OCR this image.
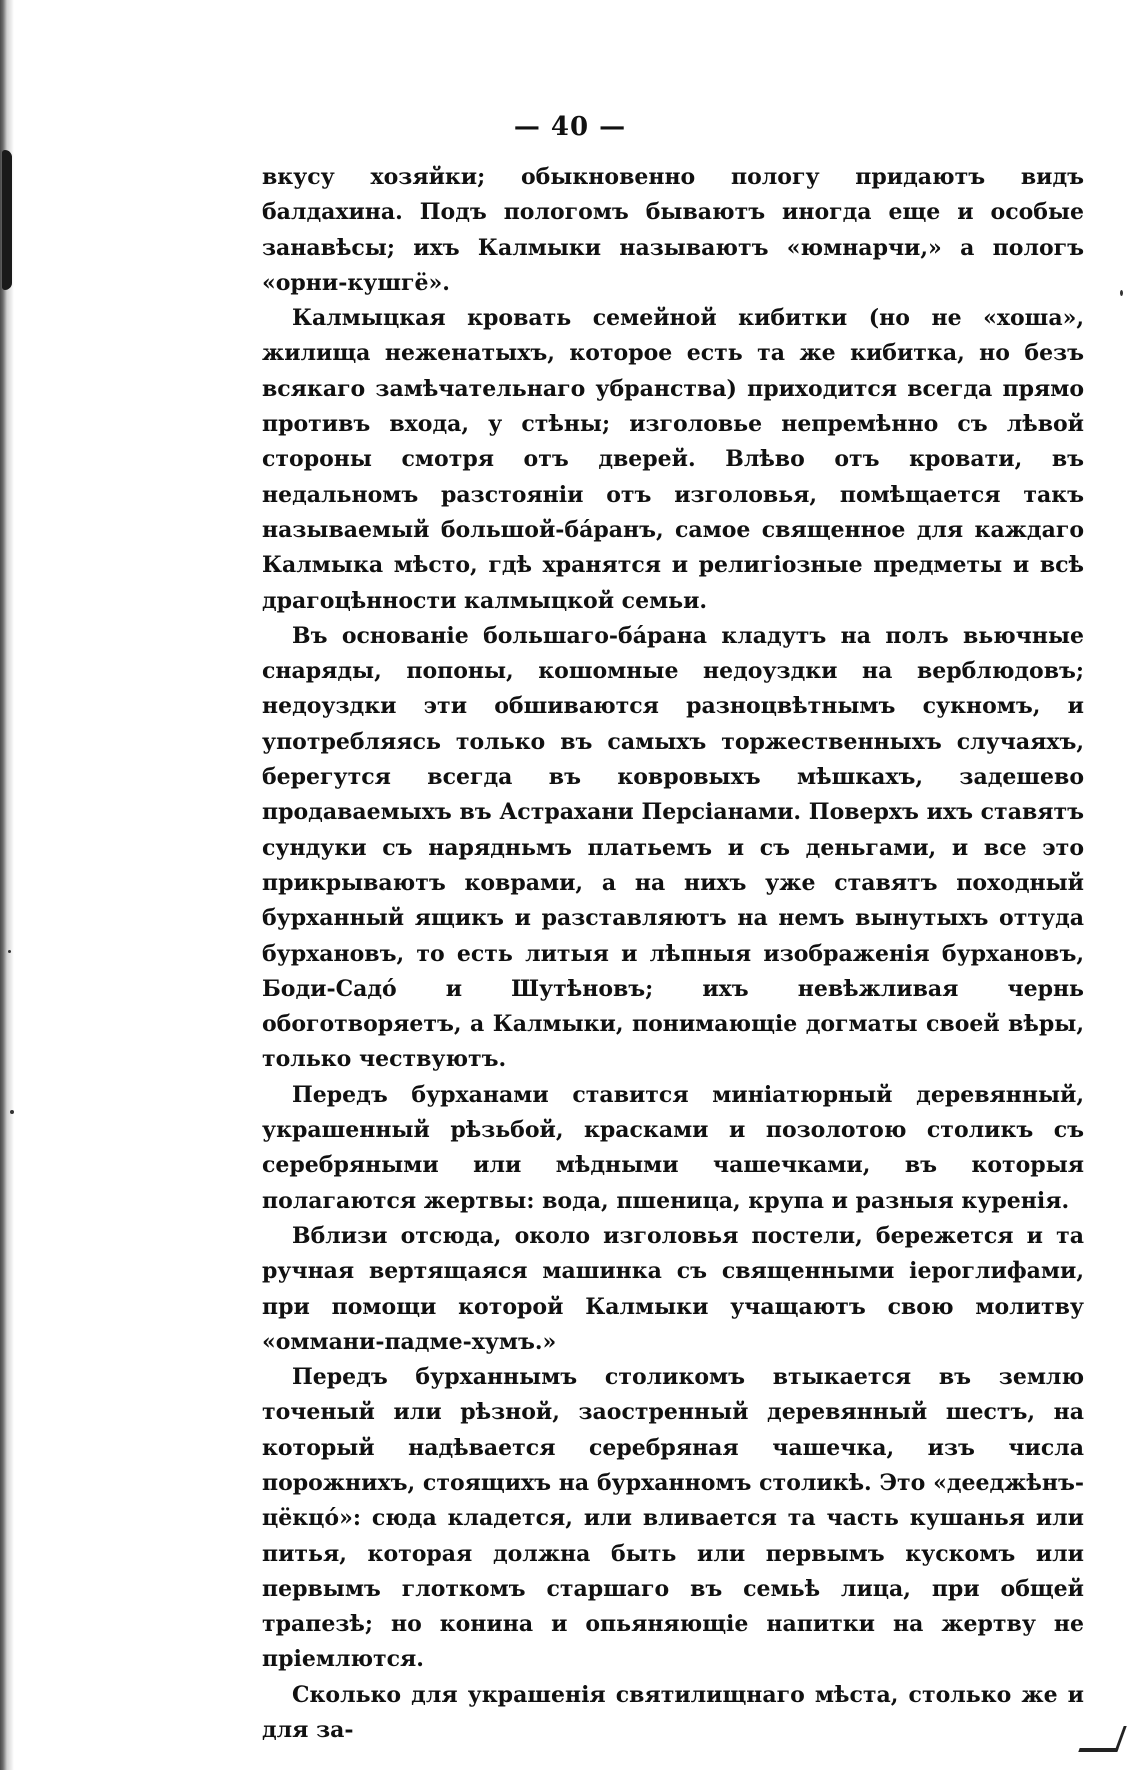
— 40 —

вкусу хозяйки; обыкновенно пологу придаютъ видъ балдахина. Подъ пологомъ бываютъ иногда еще и особые занавѣсы; ихъ Калмыки называютъ «юмнарчи,» а пологъ «орни-кушгё».

Калмыцкая кровать семейной кибитки (но не «хоша», жилища неженатыхъ, которое есть та же кибитка, но безъ всякаго замѣчательнаго убранства) приходится всегда прямо противъ входа, у стѣны; изголовье непремѣнно съ лѣвой стороны смотря отъ дверей. Влѣво отъ кровати, въ недальномъ разстояніи отъ изголовья, помѣщается такъ называемый большой-бáранъ, самое священное для каждаго Калмыка мѣсто, гдѣ хранятся и религіозные предметы и всѣ драгоцѣнности калмыцкой семьи.

Въ основаніе большаго-бáрана кладутъ на полъ вьючные снаряды, попоны, кошомные недоуздки на верблюдовъ; недоуздки эти обшиваются разноцвѣтнымъ сукномъ, и употребляясь только въ самыхъ торжественныхъ случаяхъ, берегутся всегда въ ковровыхъ мѣшкахъ, задешево продаваемыхъ въ Астрахани Персіанами. Поверхъ ихъ ставятъ сундуки съ нарядньмъ платьемъ и съ деньгами, и все это прикрываютъ коврами, а на нихъ уже ставятъ походный бурханный ящикъ и разставляютъ на немъ вынутыхъ оттуда бурхановъ, то есть литыя и лѣпныя изображенія бурхановъ, Боди-Садó и Шутѣновъ; ихъ невѣжливая чернь обоготворяетъ, а Калмыки, понимающіе догматы своей вѣры, только чествуютъ.

Передъ бурханами ставится миніатюрный деревянный, украшенный рѣзьбой, красками и позолотою столикъ съ серебряными или мѣдными чашечками, въ которыя полагаются жертвы: вода, пшеница, крупа и разныя куренія.

Вблизи отсюда, около изголовья постели, бережется и та ручная вертящаяся машинка съ священными іероглифами, при помощи которой Калмыки учащаютъ свою молитву «оммани-падме-хумъ.»

Передъ бурханнымъ столикомъ втыкается въ землю точеный или рѣзной, заостренный деревянный шестъ, на который надѣвается серебряная чашечка, изъ числа порожнихъ, стоящихъ на бурханномъ столикѣ. Это «дееджѣнъ-цёкцó»: сюда кладется, или вливается та часть кушанья или питья, которая должна быть или первымъ кускомъ или первымъ глоткомъ старшаго въ семьѣ лица, при общей трапезѣ; но конина и опьяняющіе напитки на жертву не пріемлются.

Сколько для украшенія святилищнаго мѣста, столько же и для за-
